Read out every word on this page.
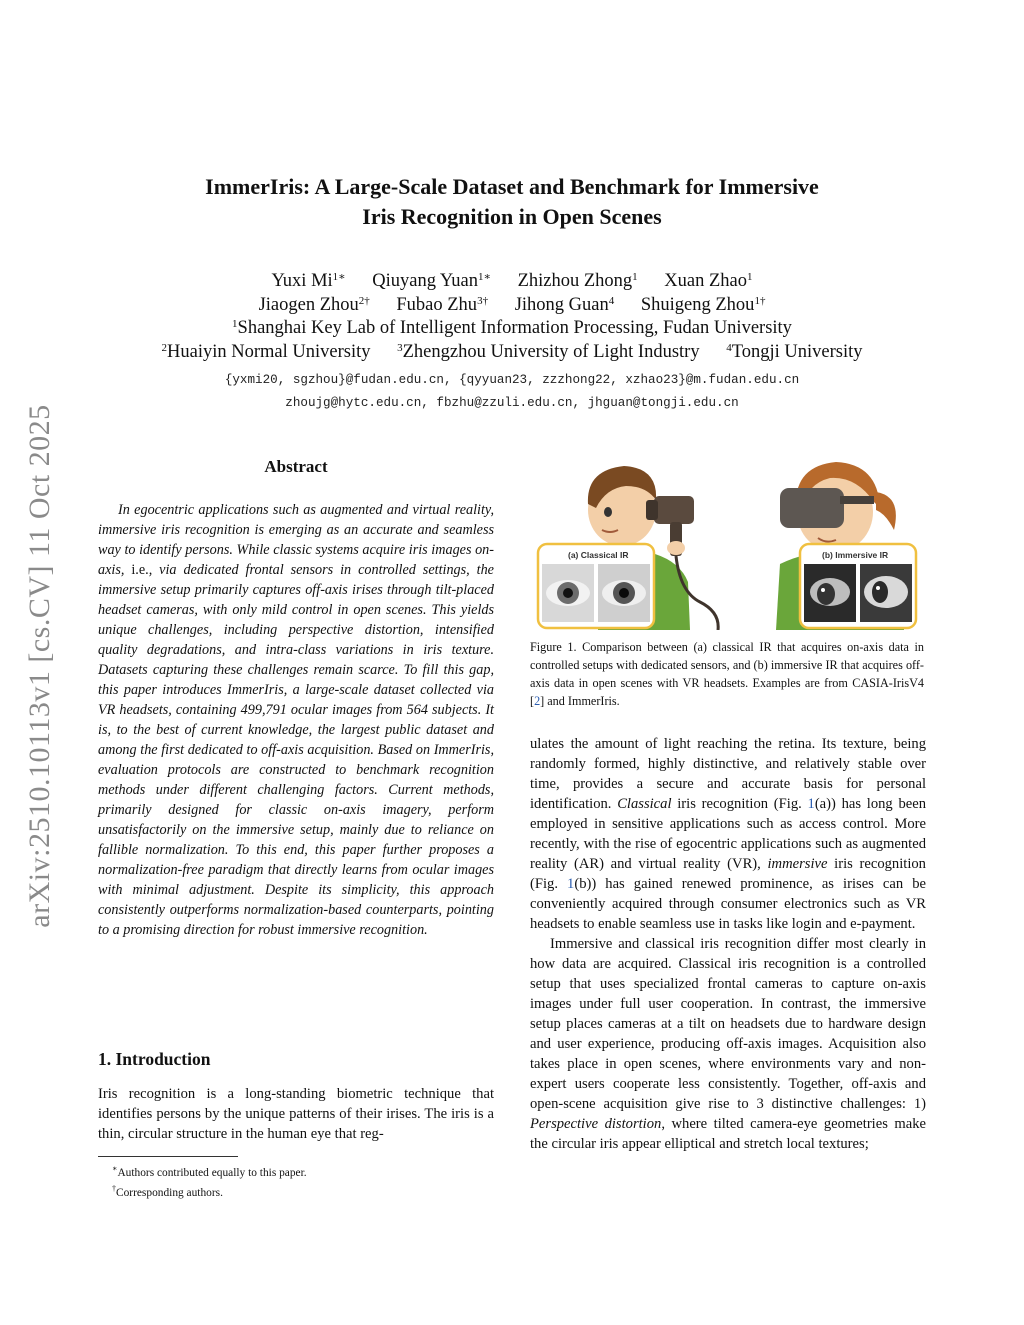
arXiv:2510.10113v1 [cs.CV] 11 Oct 2025
ImmerIris: A Large-Scale Dataset and Benchmark for Immersive
Iris Recognition in Open Scenes
Yuxi $Mi^{1∗}$ Qiuyang Yuan$^{1∗}$ Zhizhou Zhong$^1$ Xuan Zhao$^1$
Jiaogen Zhou$^{2\dagger}$ Fubao Zhu$^{3\dagger}$ Jihong Guan$^4$ Shuigeng Zhou$^{1\dagger}$
$^1$Shanghai Key Lab of Intelligent Information Processing, Fudan University
$^2$Huaiyin Normal University $^3$Zhengzhou University of Light Industry $^4$Tongji University
{yxmi20, sgzhou}@fudan.edu.cn, {qyyuan23, zzzhong22, xzhao23}@m.fudan.edu.cn
zhoujg@hytc.edu.cn, fbzhu@zzuli.edu.cn, jhguan@tongji.edu.cn
Abstract

In egocentric applications such as augmented and virtual reality, immersive iris recognition is emerging as an accurate and seamless way to identify persons. While classic systems acquire iris images on-axis, i.e., via dedicated frontal sensors in controlled settings, the immersive setup primarily captures off-axis irises through tilt-placed headset cameras, with only mild control in open scenes. This yields unique challenges, including perspective distortion, intensified quality degradations, and intra-class variations in iris texture. Datasets capturing these challenges remain scarce. To fill this gap, this paper introduces ImmerIris, a large-scale dataset collected via VR headsets, containing 499,791 ocular images from 564 subjects. It is, to the best of current knowledge, the largest public dataset and among the first dedicated to off-axis acquisition. Based on ImmerIris, evaluation protocols are constructed to benchmark recognition methods under different challenging factors. Current methods, primarily designed for classic on-axis imagery, perform unsatisfactorily on the immersive setup, mainly due to reliance on fallible normalization. To this end, this paper further proposes a normalization-free paradigm that directly learns from ocular images with minimal adjustment. Despite its simplicity, this approach consistently outperforms normalization-based counterparts, pointing to a promising direction for robust immersive recognition.

1. Introduction

Iris recognition is a long-standing biometric technique that identifies persons by the unique patterns of their irises. The iris is a thin, circular structure in the human eye that reg-

∗Authors contributed equally to this paper.
†Corresponding authors.
(a) Classical IR	(b) Immersive IR
Figure 1. Comparison between (a) classical IR that acquires on-axis data in controlled setups with dedicated sensors, and (b) immersive IR that acquires off-axis data in open scenes with VR headsets. Examples are from CASIA-IrisV4 [2] and ImmerIris.

ulates the amount of light reaching the retina. Its texture, being randomly formed, highly distinctive, and relatively stable over time, provides a secure and accurate basis for personal identification. Classical iris recognition (Fig. 1(a)) has long been employed in sensitive applications such as access control. More recently, with the rise of egocentric applications such as augmented reality (AR) and virtual reality (VR), immersive iris recognition (Fig. 1(b)) has gained renewed prominence, as irises can be conveniently acquired through consumer electronics such as VR headsets to enable seamless use in tasks like login and e-payment.

Immersive and classical iris recognition differ most clearly in how data are acquired. Classical iris recognition is a controlled setup that uses specialized frontal cameras to capture on-axis images under full user cooperation. In contrast, the immersive setup places cameras at a tilt on headsets due to hardware design and user experience, producing off-axis images. Acquisition also takes place in open scenes, where environments vary and non-expert users cooperate less consistently. Together, off-axis and open-scene acquisition give rise to 3 distinctive challenges: 1) Perspective distortion, where tilted camera-eye geometries make the circular iris appear elliptical and stretch local textures;
